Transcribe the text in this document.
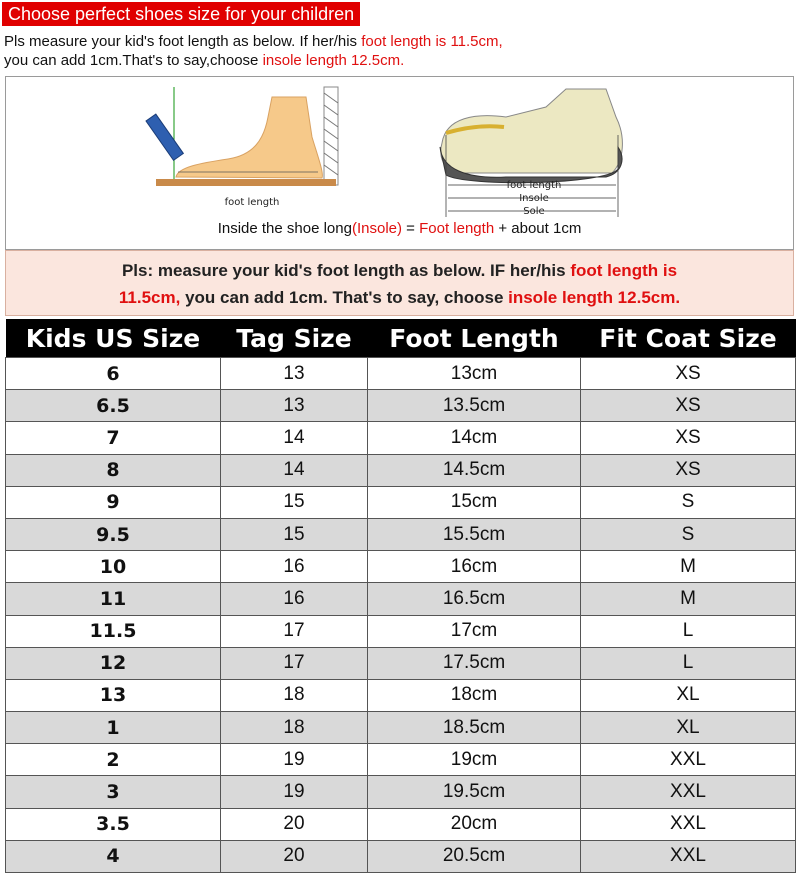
Choose perfect shoes size for your children
Pls measure your kid's foot length as below. If her/his foot length is 11.5cm,
you can add 1cm.That's to say,choose insole length 12.5cm.
foot length
foot length
Insole
Sole
Inside the shoe long(Insole) = Foot length + about 1cm
Pls: measure your kid's foot length as below. IF her/his foot length is
11.5cm, you can add 1cm. That's to say, choose insole length 12.5cm.
Kids US Size	Tag Size	Foot Length	Fit Coat Size
6	13	13cm	XS
6.5	13	13.5cm	XS
7	14	14cm	XS
8	14	14.5cm	XS
9	15	15cm	S
9.5	15	15.5cm	S
10	16	16cm	M
11	16	16.5cm	M
11.5	17	17cm	L
12	17	17.5cm	L
13	18	18cm	XL
1	18	18.5cm	XL
2	19	19cm	XXL
3	19	19.5cm	XXL
3.5	20	20cm	XXL
4	20	20.5cm	XXL
